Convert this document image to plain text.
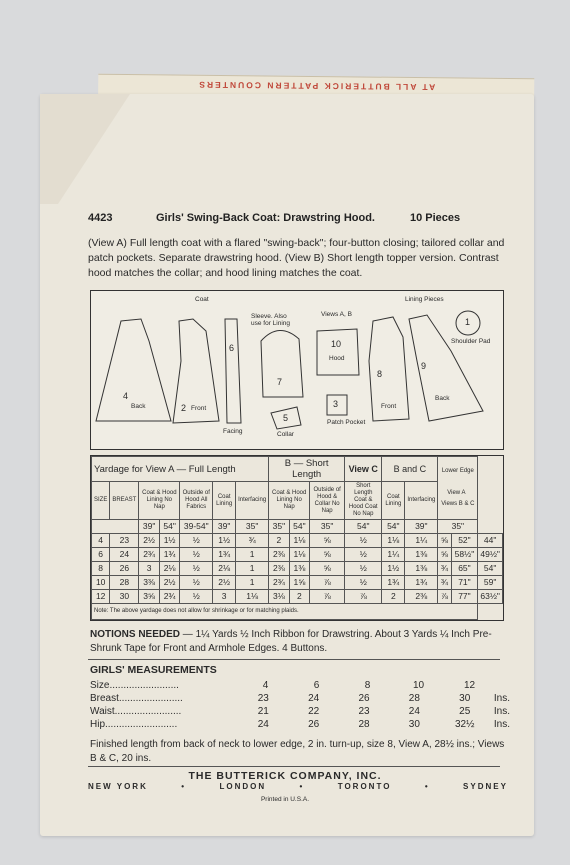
AT ALL BUTTERICK PATTERN COUNTERS
4423	Girls' Swing-Back Coat: Drawstring Hood.	10 Pieces
(View A) Full length coat with a flared "swing-back"; four-button closing; tailored collar and patch pockets. Separate drawstring hood. (View B) Short length topper version. Contrast hood matches the collar; and hood lining matches the coat.
Coat
Sleeve. Also use for Lining
Views A, B
Lining Pieces
Shoulder Pad
Back	Front
Facing
Hood
Collar
Patch Pocket
Front
Back
4
2
6
7
10
5
3
8
9
1
Yardage for View A — Full Length							B — Short Length			View C	B and C		Lower Edge

View A   Views B & C		
SIZE	BREAST	Coat & Hood Lining No Nap		Outside of Hood All Fabrics	Coat Lining	Interfacing	Coat & Hood Lining No Nap		Outside of Hood & Collar No Nap	Short Length Coat & Hood Coat No Nap	Coat Lining	Interfacing			
		39"	54"	39-54"	39"	35"	35"	54"	35"	54"	54"	39"	35"		
4	23	2½	1½	½	1½	¾	2	1⅛	⅝	½	1⅛	1¼	⅝	52"	44"
6	24	2¾	1¾	½	1¾	1	2⅜	1⅛	⅝	½	1¼	1⅜	⅝	58½"	49½"
8	26	3	2⅛	½	2⅛	1	2⅜	1⅜	⅝	½	1½	1⅜	¾	65"	54"
10	28	3⅜	2½	½	2½	1	2¾	1⅝	⅞	½	1¾	1¾	¾	71"	59"
12	30	3⅝	2¾	½	3	1⅛	3⅛	2	⅞	⅞	2	2⅜	⅞	77"	63½"
Note: The above yardage does not allow for shrinkage or for matching plaids.															
NOTIONS NEEDED — 1¼ Yards ½ Inch Ribbon for Drawstring. About 3 Yards ¼ Inch Pre-Shrunk Tape for Front and Armhole Edges. 4 Buttons.
GIRLS' MEASUREMENTS
Size.........................	4	6	8	10	12
Breast.......................	23	24	26	28	30	Ins.
Waist........................	21	22	23	24	25	Ins.
Hip..........................	24	26	28	30	32½	Ins.
Finished length from back of neck to lower edge, 2 in. turn-up, size 8, View A, 28½ ins.; Views B & C, 20 ins.
THE BUTTERICK COMPANY, INC.
NEW YORK	•	LONDON	•	TORONTO	•	SYDNEY
Printed in U.S.A.
